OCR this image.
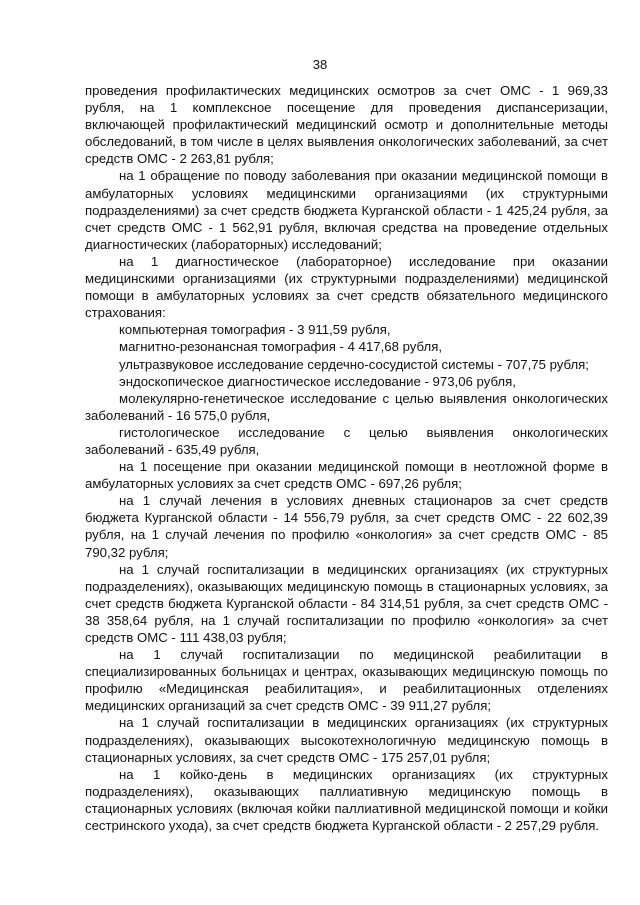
38

проведения профилактических медицинских осмотров за счет ОМС - 1 969,33 рубля, на 1 комплексное посещение для проведения диспансеризации, включающей профилактический медицинский осмотр и дополнительные методы обследований, в том числе в целях выявления онкологических заболеваний, за счет средств ОМС - 2 263,81 рубля;

на 1 обращение по поводу заболевания при оказании медицинской помощи в амбулаторных условиях медицинскими организациями (их структурными подразделениями) за счет средств бюджета Курганской области - 1 425,24 рубля, за счет средств ОМС - 1 562,91 рубля, включая средства на проведение отдельных диагностических (лабораторных) исследований;

на 1 диагностическое (лабораторное) исследование при оказании медицинскими организациями (их структурными подразделениями) медицинской помощи в амбулаторных условиях за счет средств обязательного медицинского страхования:

компьютерная томография - 3 911,59 рубля,

магнитно-резонансная томография - 4 417,68 рубля,

ультразвуковое исследование сердечно-сосудистой системы - 707,75 рубля;

эндоскопическое диагностическое исследование - 973,06 рубля,

молекулярно-генетическое исследование с целью выявления онкологических заболеваний - 16 575,0 рубля,

гистологическое исследование с целью выявления онкологических заболеваний - 635,49 рубля,

на 1 посещение при оказании медицинской помощи в неотложной форме в амбулаторных условиях за счет средств ОМС - 697,26 рубля;

на 1 случай лечения в условиях дневных стационаров за счет средств бюджета Курганской области - 14 556,79 рубля, за счет средств ОМС - 22 602,39 рубля, на 1 случай лечения по профилю «онкология» за счет средств ОМС - 85 790,32 рубля;

на 1 случай госпитализации в медицинских организациях (их структурных подразделениях), оказывающих медицинскую помощь в стационарных условиях, за счет средств бюджета Курганской области - 84 314,51 рубля, за счет средств ОМС - 38 358,64 рубля, на 1 случай госпитализации по профилю «онкология» за счет средств ОМС - 111 438,03 рубля;

на 1 случай госпитализации по медицинской реабилитации в специализированных больницах и центрах, оказывающих медицинскую помощь по профилю «Медицинская реабилитация», и реабилитационных отделениях медицинских организаций за счет средств ОМС - 39 911,27 рубля;

на 1 случай госпитализации в медицинских организациях (их структурных подразделениях), оказывающих высокотехнологичную медицинскую помощь в стационарных условиях, за счет средств ОМС - 175 257,01 рубля;

на 1 койко-день в медицинских организациях (их структурных подразделениях), оказывающих паллиативную медицинскую помощь в стационарных условиях (включая койки паллиативной медицинской помощи и койки сестринского ухода), за счет средств бюджета Курганской области - 2 257,29 рубля.
